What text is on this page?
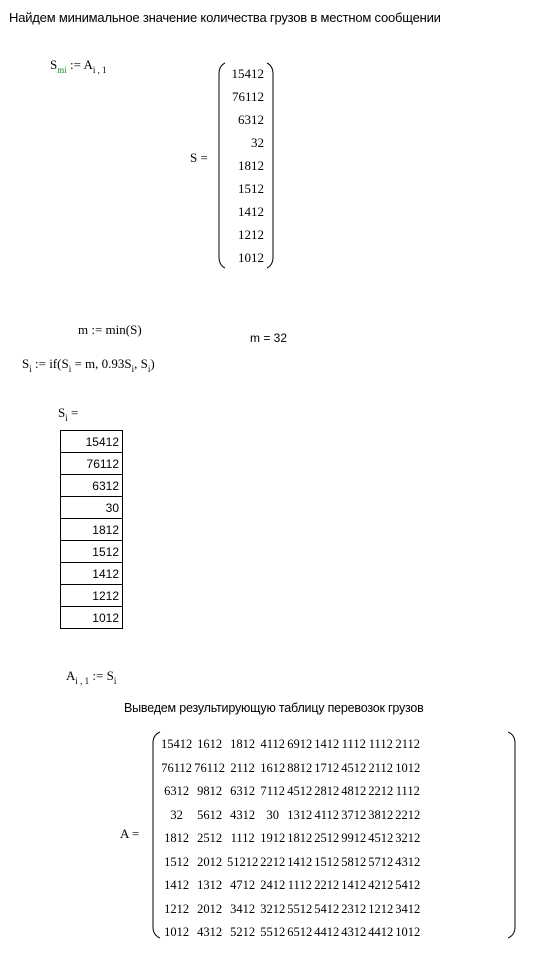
Найдем минимальное значение количества грузов в местном сообщении
$S_{mi}$ := $A_{i , 1}$
S =
15412
76112
6312
32
1812
1512
1412
1212
1012
m := min(S)
m = 32
$S_i$ := $if(S_i = m$, $0.93S_i$, $S_i$)
$S_i$ =
15412
76112
6312
30
1812
1512
1412
1212
1012
$A_{i , 1}$ := $S_i$
Выведем результирующую таблицу перевозок грузов
A =
15412	1612	1812	4112	6912	1412	1112	1112	2112
76112	76112	2112	1612	8812	1712	4512	2112	1012
6312	9812	6312	7112	4512	2812	4812	2212	1112
32	5612	4312	30	1312	4112	3712	3812	2212
1812	2512	1112	1912	1812	2512	9912	4512	3212
1512	2012	51212	2212	1412	1512	5812	5712	4312
1412	1312	4712	2412	1112	2212	1412	4212	5412
1212	2012	3412	3212	5512	5412	2312	1212	3412
1012	4312	5212	5512	6512	4412	4312	4412	1012
